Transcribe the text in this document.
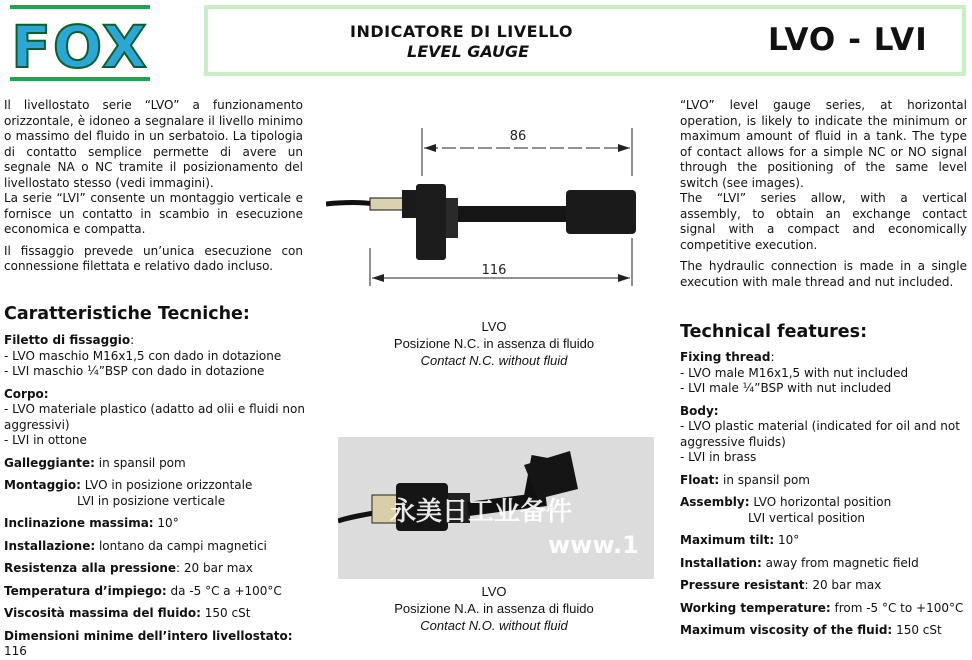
FOX	INDICATORE DI LIVELLO
LEVEL GAUGE	LVO - LVI
Il livellostato serie “LVO” a funzionamento orizzontale, è idoneo a segnalare il livello minimo o massimo del fluido in un serbatoio. La tipologia di contatto semplice permette di avere un segnale NA o NC tramite il posizionamento del livellostato stesso (vedi immagini).
La serie “LVI” consente un montaggio verticale e fornisce un contatto in scambio in esecuzione economica e compatta.
Il fissaggio prevede un’unica esecuzione con connessione filettata e relativo dado incluso.
Caratteristiche Tecniche:
Filetto di fissaggio:
- LVO maschio M16x1,5 con dado in dotazione
- LVI maschio ¼”BSP con dado in dotazione
Corpo:
- LVO materiale plastico (adatto ad olii e fluidi non aggressivi)
- LVI in ottone
Galleggiante: in spansil pom
Montaggio: LVO in posizione orizzontale
LVI in posizione verticale
Inclinazione massima: 10°
Installazione: lontano da campi magnetici
Resistenza alla pressione: 20 bar max
Temperatura d’impiego: da -5 °C a +100°C
Viscosità massima del fluido: 150 cSt
Dimensioni minime dell’intero livellostato: 116
86
116
LVO
Posizione N.C. in assenza di fluido
Contact N.C. without fluid
永美日工业备件
www.1
LVO
Posizione N.A. in assenza di fluido
Contact N.O. without fluid
“LVO” level gauge series, at horizontal operation, is likely to indicate the minimum or maximum amount of fluid in a tank. The type of contact allows for a simple NC or NO signal through the positioning of the same level switch (see images).
The “LVI” series allow, with a vertical assembly, to obtain an exchange contact signal with a compact and economically competitive execution.
The hydraulic connection is made in a single execution with male thread and nut included.
Technical features:
Fixing thread:
- LVO male M16x1,5 with nut included
- LVI male ¼”BSP with nut included
Body:
- LVO plastic material (indicated for oil and not aggressive fluids)
- LVI in brass
Float: in spansil pom
Assembly: LVO horizontal position
LVI vertical position
Maximum tilt: 10°
Installation: away from magnetic field
Pressure resistant: 20 bar max
Working temperature: from -5 °C to +100°C
Maximum viscosity of the fluid: 150 cSt
